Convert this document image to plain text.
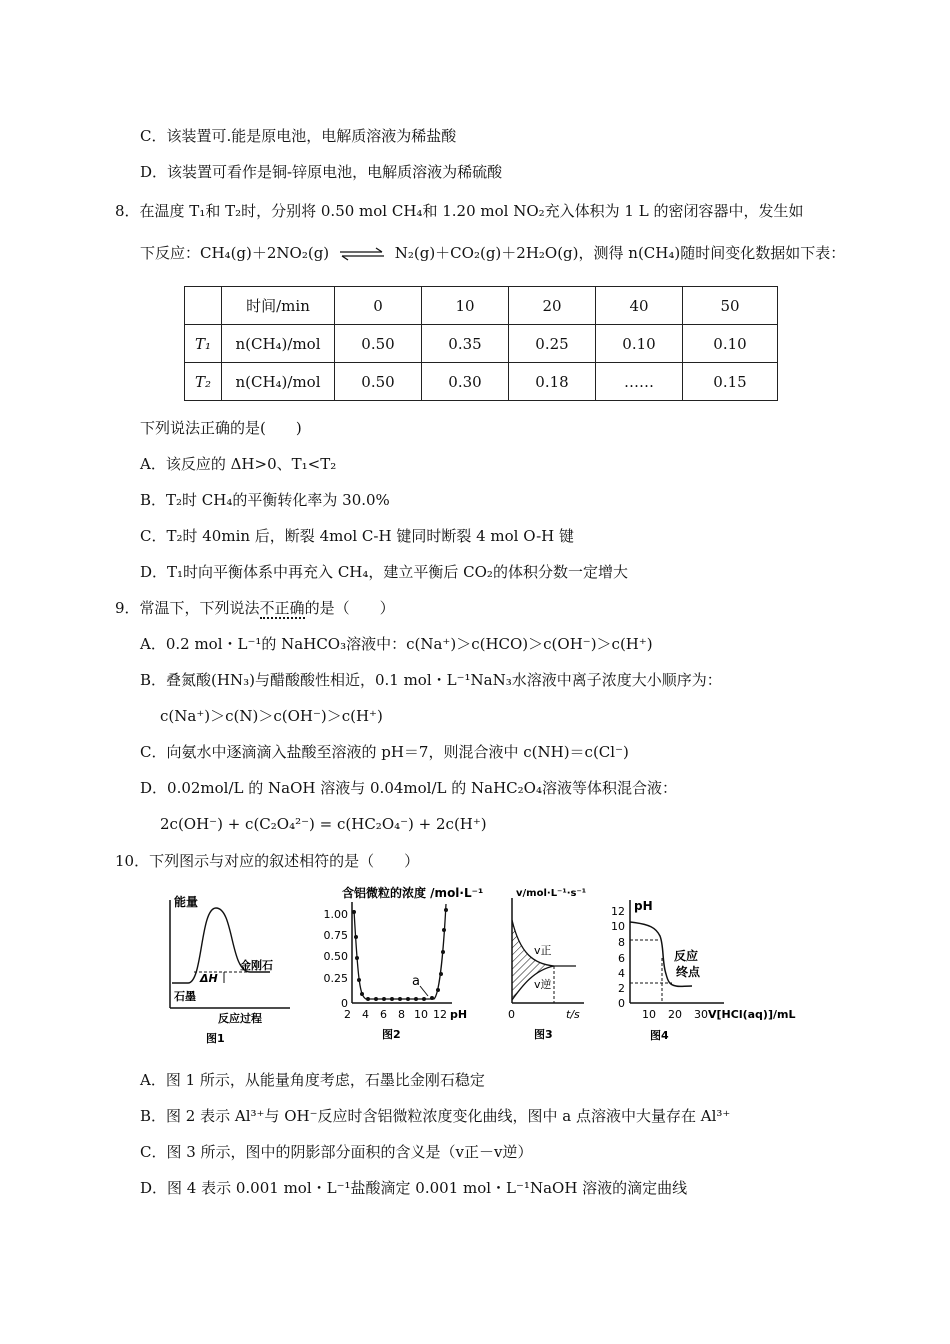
C．该装置可.能是原电池，电解质溶液为稀盐酸
D．该装置可看作是铜-锌原电池，电解质溶液为稀硫酸
8．在温度 T₁和 T₂时，分别将 0.50 mol CH₄和 1.20 mol NO₂充入体积为 1 L 的密闭容器中，发生如
下反应：CH₄(g)＋2NO₂(g) ⇌ N₂(g)＋CO₂(g)＋2H₂O(g)，测得 n(CH₄)随时间变化数据如下表：
	时间/min	0	10	20	40	50
T₁	n(CH₄)/mol	0.50	0.35	0.25	0.10	0.10
T₂	n(CH₄)/mol	0.50	0.30	0.18	……	0.15
下列说法正确的是(　　)
A．该反应的 ΔH>0、T₁<T₂
B．T₂时 CH₄的平衡转化率为 30.0%
C．T₂时 40min 后，断裂 4mol C-H 键同时断裂 4 mol O-H 键
D．T₁时向平衡体系中再充入 CH₄，建立平衡后 CO₂的体积分数一定增大
9．常温下，下列说法不正确的是（　　）
A．0.2 mol・L⁻¹的 NaHCO₃溶液中：c(Na⁺)＞c(HCO)＞c(OH⁻)＞c(H⁺)
B．叠氮酸(HN₃)与醋酸酸性相近，0.1 mol・L⁻¹NaN₃水溶液中离子浓度大小顺序为：
c(Na⁺)＞c(N)＞c(OH⁻)＞c(H⁺)
C．向氨水中逐滴滴入盐酸至溶液的 pH＝7，则混合液中 c(NH)＝c(Cl⁻)
D．0.02mol/L 的 NaOH 溶液与 0.04mol/L 的 NaHC₂O₄溶液等体积混合液：
2c(OH⁻) + c(C₂O₄²⁻) = c(HC₂O₄⁻) + 2c(H⁺)
10．下列图示与对应的叙述相符的是（　　）
能量
ΔH
金刚石
石墨
反应过程
图1
含铝微粒的浓度 /mol·L⁻¹
1.00
0.75
0.50
0.25
0
2 4 6 8 10 12 pH
a
图2
v/mol·L⁻¹·s⁻¹
v正
v逆
0	t/s
图3
pH
12
10
8
6
4
2
0
10 20 30 V[HCl(aq)]/mL
反应
终点
图4
A．图 1 所示，从能量角度考虑，石墨比金刚石稳定
B．图 2 表示 Al³⁺与 OH⁻反应时含铝微粒浓度变化曲线，图中 a 点溶液中大量存在 Al³⁺
C．图 3 所示，图中的阴影部分面积的含义是（v正－v逆）
D．图 4 表示 0.001 mol・L⁻¹盐酸滴定 0.001 mol・L⁻¹NaOH 溶液的滴定曲线
